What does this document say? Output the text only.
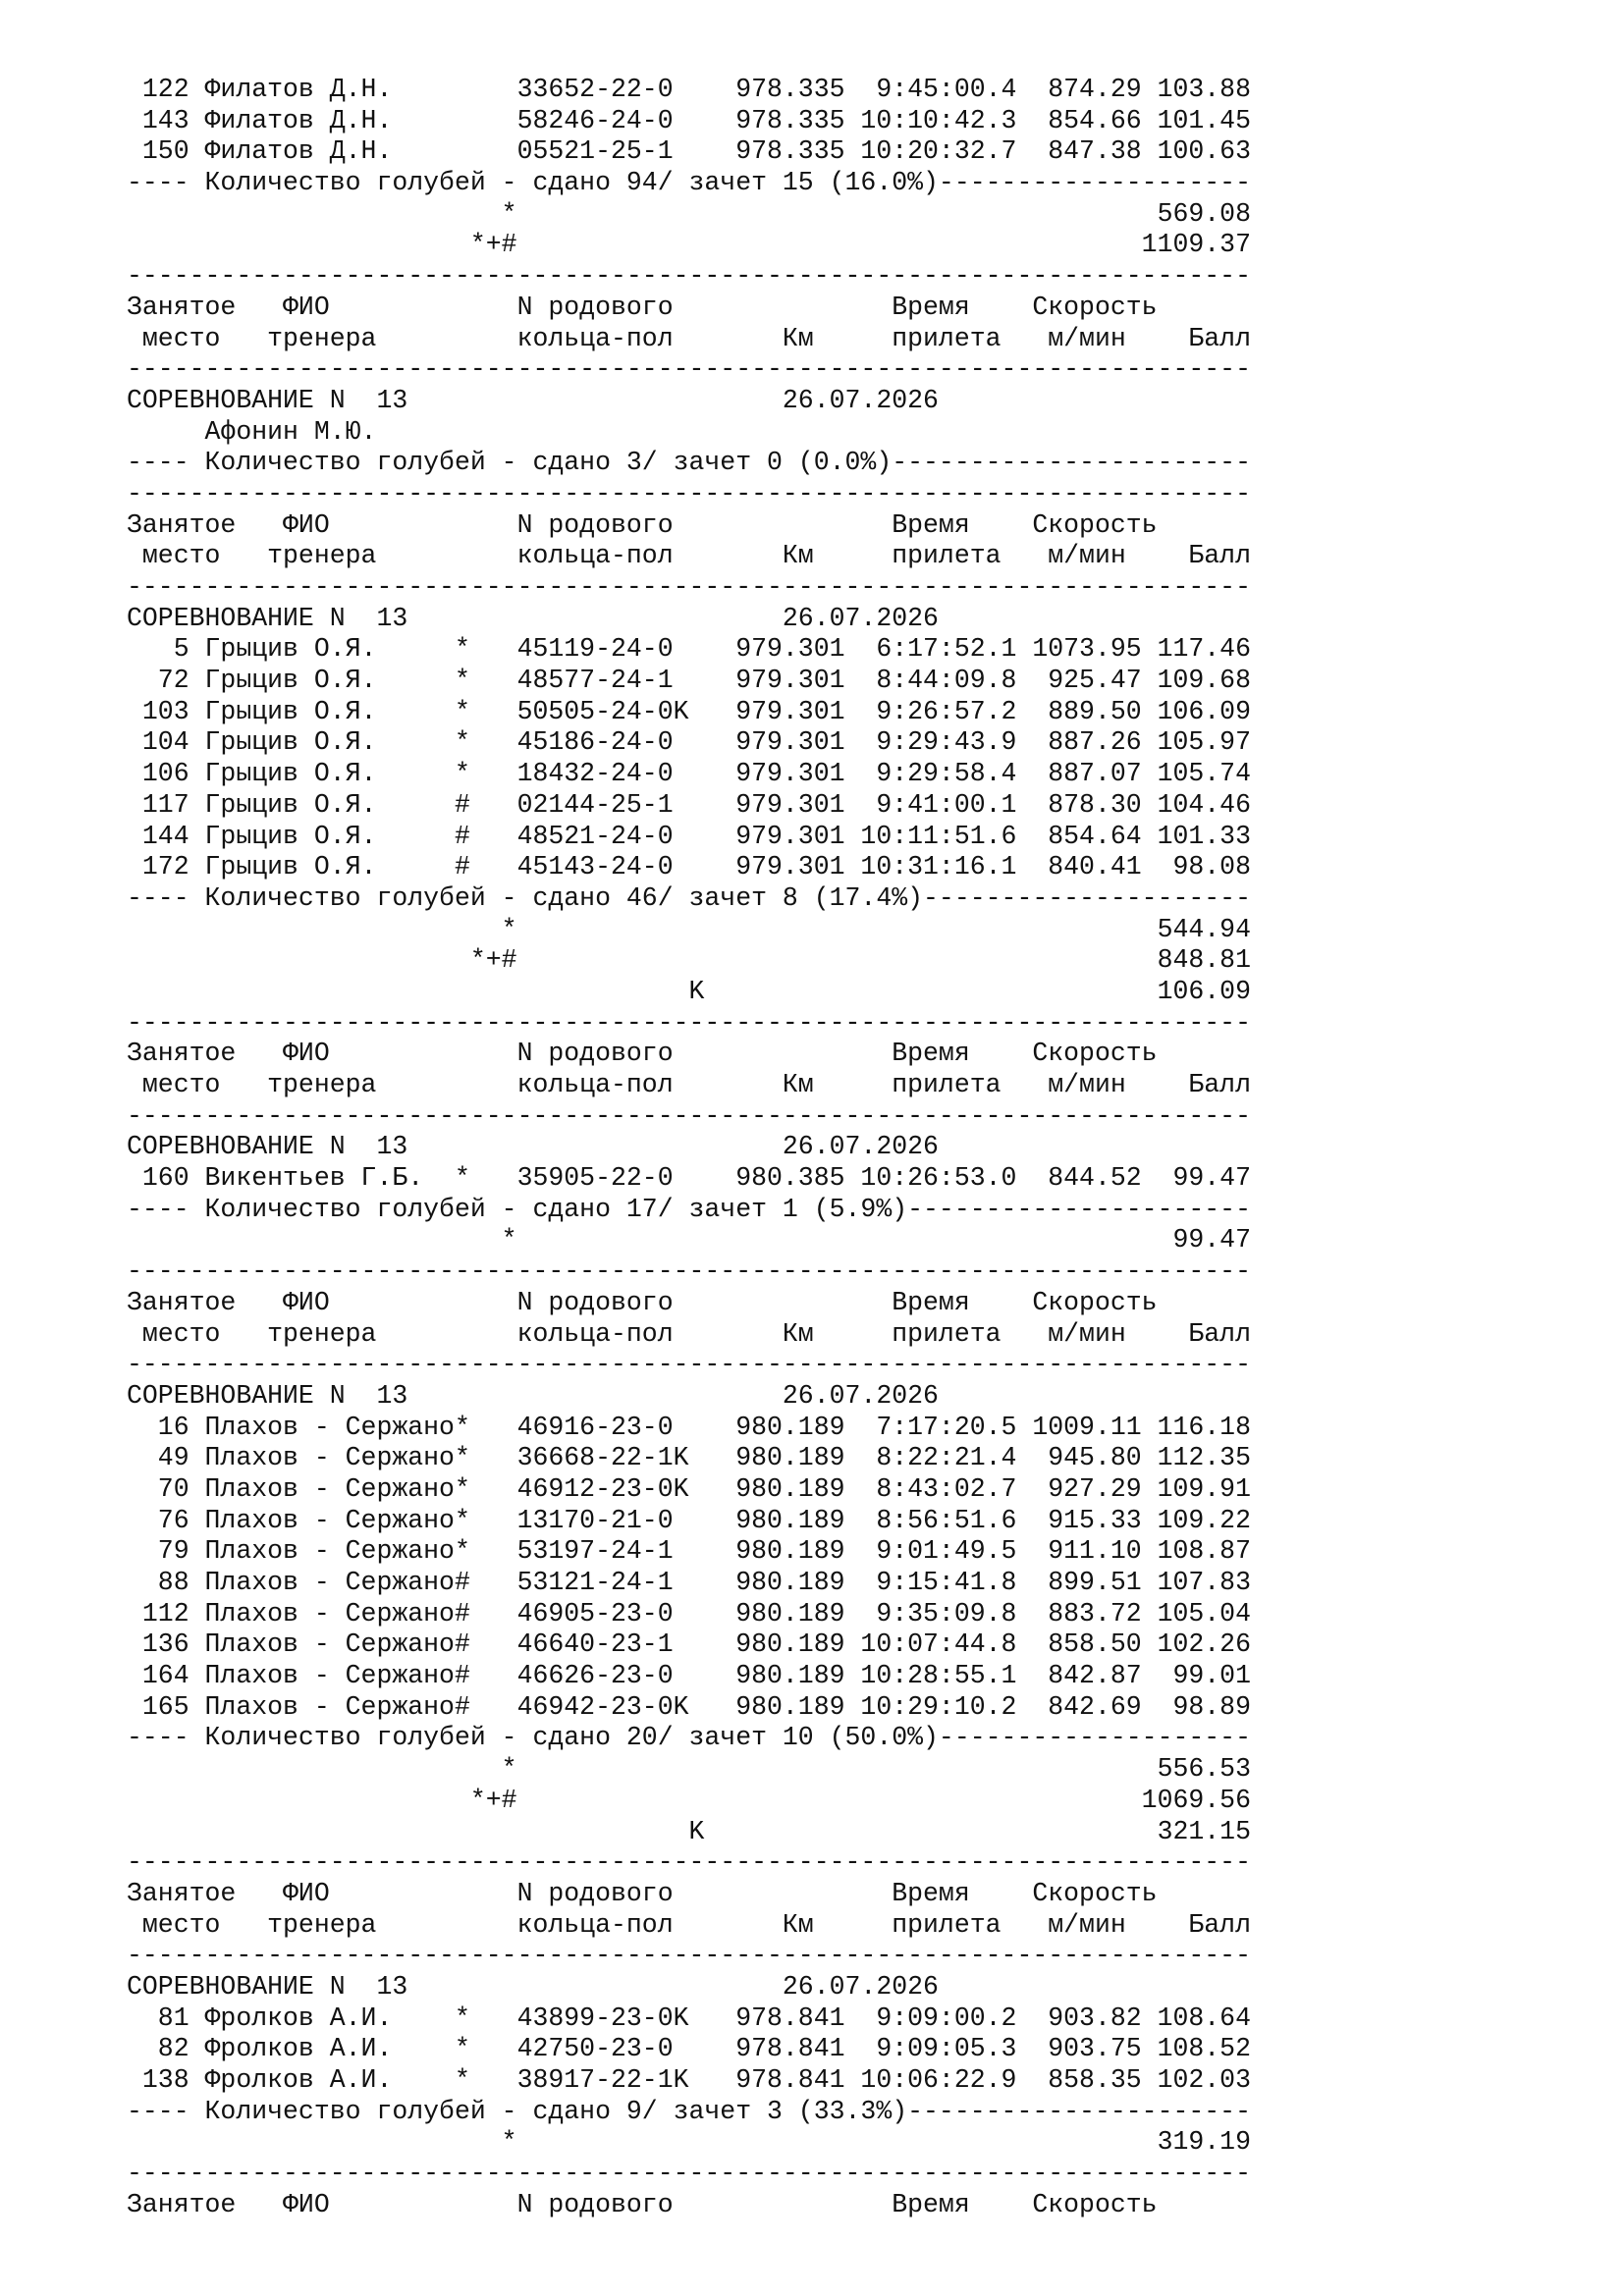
122 Филатов Д.Н.        33652-22-0    978.335  9:45:00.4  874.29 103.88
143 Филатов Д.Н.        58246-24-0    978.335 10:10:42.3  854.66 101.45
150 Филатов Д.Н.        05521-25-1    978.335 10:20:32.7  847.38 100.63
---- Количество голубей - сдано 94/ зачет 15 (16.0%)--------------------
*                                         569.08
*+#                                        1109.37
------------------------------------------------------------------------
Занятое   ФИО            N родового              Время    Скорость
место   тренера         кольца-пол       Км     прилета   м/мин    Балл
------------------------------------------------------------------------
СОРЕВНОВАНИЕ N  13                        26.07.2026
Афонин М.Ю.
---- Количество голубей - сдано 3/ зачет 0 (0.0%)-----------------------
------------------------------------------------------------------------
Занятое   ФИО            N родового              Время    Скорость
место   тренера         кольца-пол       Км     прилета   м/мин    Балл
------------------------------------------------------------------------
СОРЕВНОВАНИЕ N  13                        26.07.2026
5 Грыцив О.Я.     *   45119-24-0    979.301  6:17:52.1 1073.95 117.46
72 Грыцив О.Я.     *   48577-24-1    979.301  8:44:09.8  925.47 109.68
103 Грыцив О.Я.     *   50505-24-0K   979.301  9:26:57.2  889.50 106.09
104 Грыцив О.Я.     *   45186-24-0    979.301  9:29:43.9  887.26 105.97
106 Грыцив О.Я.     *   18432-24-0    979.301  9:29:58.4  887.07 105.74
117 Грыцив О.Я.     #   02144-25-1    979.301  9:41:00.1  878.30 104.46
144 Грыцив О.Я.     #   48521-24-0    979.301 10:11:51.6  854.64 101.33
172 Грыцив О.Я.     #   45143-24-0    979.301 10:31:16.1  840.41  98.08
---- Количество голубей - сдано 46/ зачет 8 (17.4%)---------------------
*                                         544.94
*+#                                         848.81
K                             106.09
------------------------------------------------------------------------
Занятое   ФИО            N родового              Время    Скорость
место   тренера         кольца-пол       Км     прилета   м/мин    Балл
------------------------------------------------------------------------
СОРЕВНОВАНИЕ N  13                        26.07.2026
160 Викентьев Г.Б.  *   35905-22-0    980.385 10:26:53.0  844.52  99.47
---- Количество голубей - сдано 17/ зачет 1 (5.9%)----------------------
*                                          99.47
------------------------------------------------------------------------
Занятое   ФИО            N родового              Время    Скорость
место   тренера         кольца-пол       Км     прилета   м/мин    Балл
------------------------------------------------------------------------
СОРЕВНОВАНИЕ N  13                        26.07.2026
16 Плахов - Сержано*   46916-23-0    980.189  7:17:20.5 1009.11 116.18
49 Плахов - Сержано*   36668-22-1K   980.189  8:22:21.4  945.80 112.35
70 Плахов - Сержано*   46912-23-0K   980.189  8:43:02.7  927.29 109.91
76 Плахов - Сержано*   13170-21-0    980.189  8:56:51.6  915.33 109.22
79 Плахов - Сержано*   53197-24-1    980.189  9:01:49.5  911.10 108.87
88 Плахов - Сержано#   53121-24-1    980.189  9:15:41.8  899.51 107.83
112 Плахов - Сержано#   46905-23-0    980.189  9:35:09.8  883.72 105.04
136 Плахов - Сержано#   46640-23-1    980.189 10:07:44.8  858.50 102.26
164 Плахов - Сержано#   46626-23-0    980.189 10:28:55.1  842.87  99.01
165 Плахов - Сержано#   46942-23-0K   980.189 10:29:10.2  842.69  98.89
---- Количество голубей - сдано 20/ зачет 10 (50.0%)--------------------
*                                         556.53
*+#                                        1069.56
K                             321.15
------------------------------------------------------------------------
Занятое   ФИО            N родового              Время    Скорость
место   тренера         кольца-пол       Км     прилета   м/мин    Балл
------------------------------------------------------------------------
СОРЕВНОВАНИЕ N  13                        26.07.2026
81 Фролков А.И.    *   43899-23-0K   978.841  9:09:00.2  903.82 108.64
82 Фролков А.И.    *   42750-23-0    978.841  9:09:05.3  903.75 108.52
138 Фролков А.И.    *   38917-22-1K   978.841 10:06:22.9  858.35 102.03
---- Количество голубей - сдано 9/ зачет 3 (33.3%)----------------------
*                                         319.19
------------------------------------------------------------------------
Занятое   ФИО            N родового              Время    Скорость
